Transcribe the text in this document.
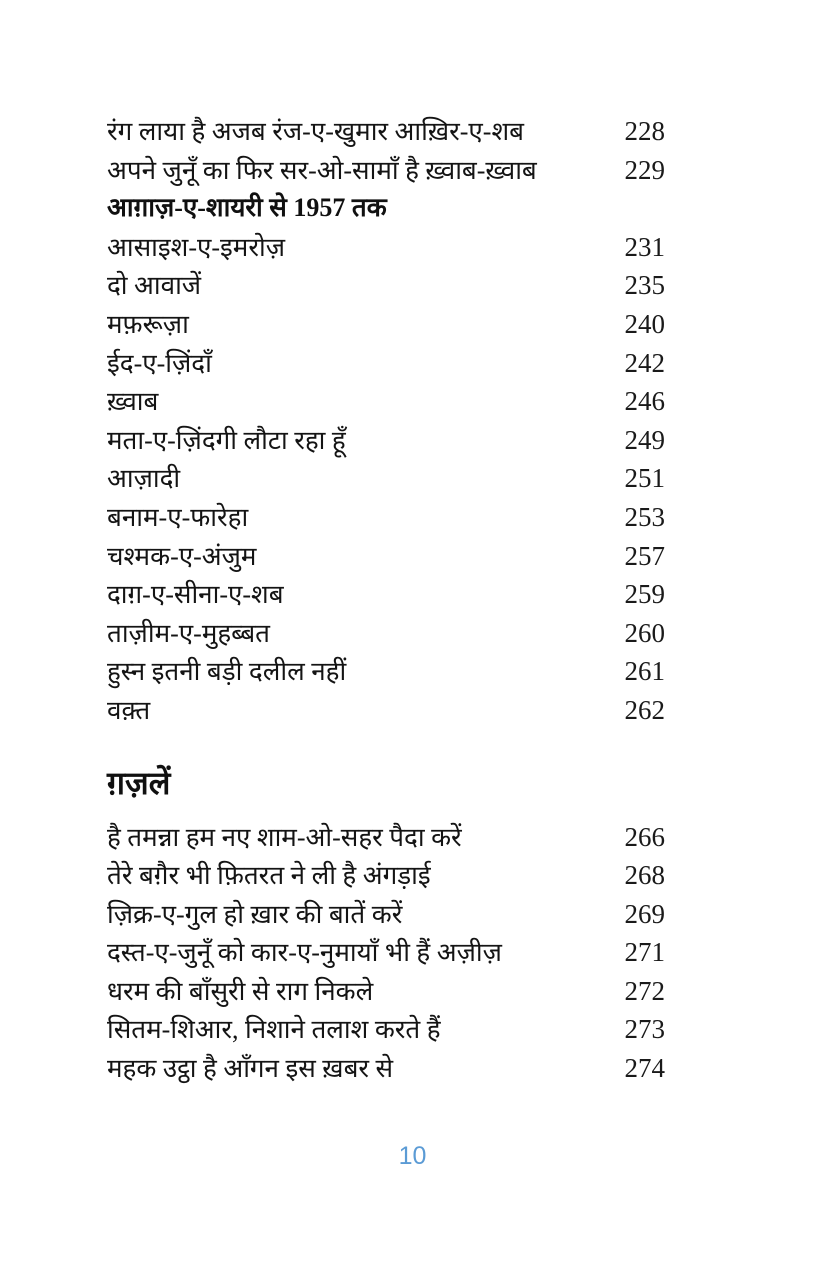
रंग लाया है अजब रंज-ए-खुमार आख़िर-ए-शब	228
अपने जुनूँ का फिर सर-ओ-सामाँ है ख़्वाब-ख़्वाब	229
आग़ाज़-ए-शायरी से 1957 तक
आसाइश-ए-इमरोज़	231
दो आवाजें	235
मफ़रूज़ा	240
ईद-ए-ज़िंदाँ	242
ख़्वाब	246
मता-ए-ज़िंदगी लौटा रहा हूँ	249
आज़ादी	251
बनाम-ए-फारेहा	253
चश्मक-ए-अंजुम	257
दाग़-ए-सीना-ए-शब	259
ताज़ीम-ए-मुहब्बत	260
हुस्न इतनी बड़ी दलील नहीं	261
वक़्त	262
ग़ज़लें
है तमन्ना हम नए शाम-ओ-सहर पैदा करें	266
तेरे बग़ैर भी फ़ितरत ने ली है अंगड़ाई	268
ज़िक्र-ए-गुल हो ख़ार की बातें करें	269
दस्त-ए-जुनूँ को कार-ए-नुमायाँ भी हैं अज़ीज़	271
धरम की बाँसुरी से राग निकले	272
सितम-शिआर, निशाने तलाश करते हैं	273
महक उट्ठा है आँगन इस ख़बर से	274
10
